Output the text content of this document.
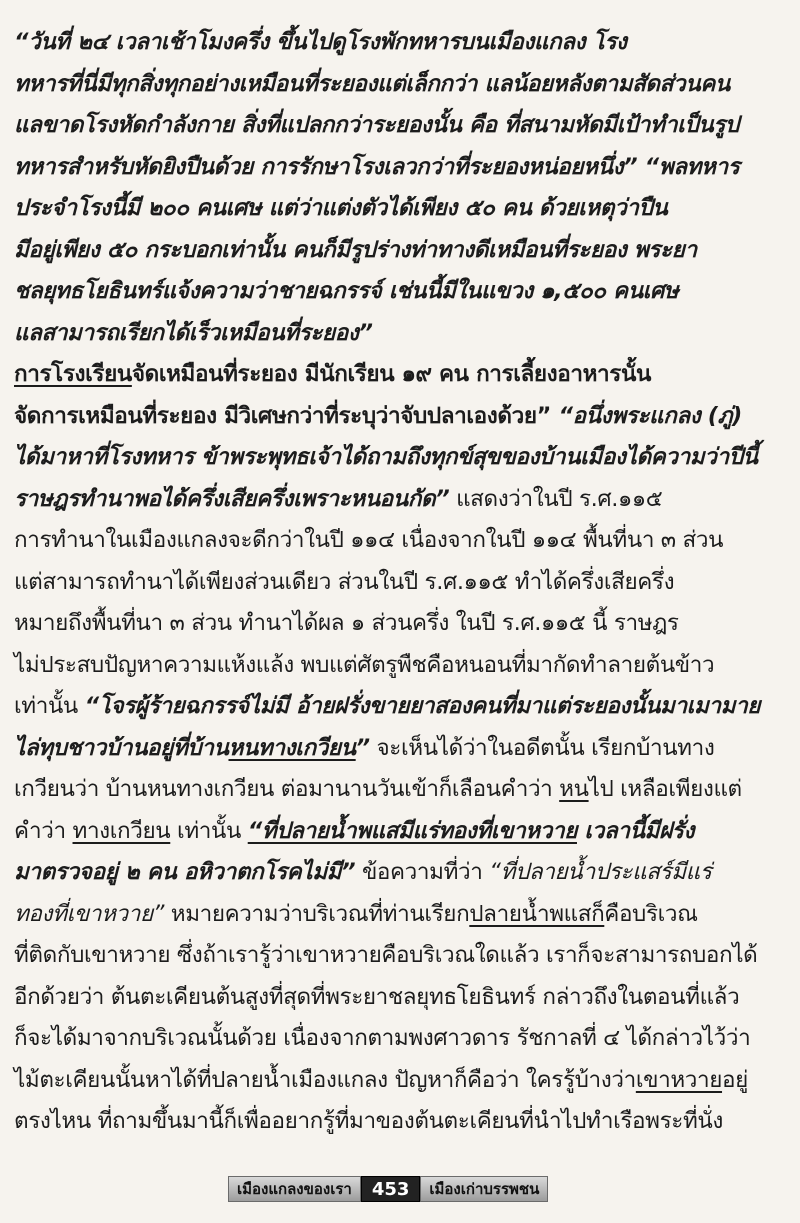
“วันที่ ๒๔ เวลาเช้าโมงครึ่ง ขึ้นไปดูโรงพักทหารบนเมืองแกลง โรง
ทหารที่นี่มีทุกสิ่งทุกอย่างเหมือนที่ระยองแต่เล็กกว่า แลน้อยหลังตามสัดส่วนคน
แลขาดโรงหัดกำลังกาย สิ่งที่แปลกกว่าระยองนั้น คือ ที่สนามหัดมีเป้าทำเป็นรูป
ทหารสำหรับหัดยิงปืนด้วย การรักษาโรงเลวกว่าที่ระยองหน่อยหนึ่ง” “พลทหาร
ประจำโรงนี้มี ๒๐๐ คนเศษ แต่ว่าแต่งตัวได้เพียง ๕๐ คน ด้วยเหตุว่าปืน
มีอยู่เพียง ๕๐ กระบอกเท่านั้น คนก็มีรูปร่างท่าทางดีเหมือนที่ระยอง พระยา
ชลยุทธโยธินทร์แจ้งความว่าชายฉกรรจ์ เช่นนี้มีในแขวง ๑,๕๐๐ คนเศษ
แลสามารถเรียกได้เร็วเหมือนที่ระยอง”
การโรงเรียนจัดเหมือนที่ระยอง มีนักเรียน ๑๙ คน การเลี้ยงอาหารนั้น
จัดการเหมือนที่ระยอง มีวิเศษกว่าที่ระบุว่าจับปลาเองด้วย” “อนึ่งพระแกลง (ภู่)
ได้มาหาที่โรงทหาร ข้าพระพุทธเจ้าได้ถามถึงทุกข์สุขของบ้านเมืองได้ความว่าปีนี้
ราษฎรทำนาพอได้ครึ่งเสียครึ่งเพราะหนอนกัด” แสดงว่าในปี ร.ศ.๑๑๕
การทำนาในเมืองแกลงจะดีกว่าในปี ๑๑๔ เนื่องจากในปี ๑๑๔ พื้นที่นา ๓ ส่วน
แต่สามารถทำนาได้เพียงส่วนเดียว ส่วนในปี ร.ศ.๑๑๕ ทำได้ครึ่งเสียครึ่ง
หมายถึงพื้นที่นา ๓ ส่วน ทำนาได้ผล ๑ ส่วนครึ่ง ในปี ร.ศ.๑๑๕ นี้ ราษฎร
ไม่ประสบปัญหาความแห้งแล้ง พบแต่ศัตรูพืชคือหนอนที่มากัดทำลายต้นข้าว
เท่านั้น “โจรผู้ร้ายฉกรรจ์ไม่มี อ้ายฝรั่งขายยาสองคนที่มาแต่ระยองนั้นมาเมามาย
ไล่ทุบชาวบ้านอยู่ที่บ้านหนทางเกวียน” จะเห็นได้ว่าในอดีตนั้น เรียกบ้านทาง
เกวียนว่า บ้านหนทางเกวียน ต่อมานานวันเข้าก็เลือนคำว่า หนไป เหลือเพียงแต่
คำว่า ทางเกวียน เท่านั้น “ที่ปลายน้ำพแสมีแร่ทองที่เขาหวาย เวลานี้มีฝรั่ง
มาตรวจอยู่ ๒ คน อหิวาตกโรคไม่มี” ข้อความที่ว่า “ที่ปลายน้ำประแสร์มีแร่
ทองที่เขาหวาย” หมายความว่าบริเวณที่ท่านเรียกปลายน้ำพแสก็คือบริเวณ
ที่ติดกับเขาหวาย ซึ่งถ้าเรารู้ว่าเขาหวายคือบริเวณใดแล้ว เราก็จะสามารถบอกได้
อีกด้วยว่า ต้นตะเคียนต้นสูงที่สุดที่พระยาชลยุทธโยธินทร์ กล่าวถึงในตอนที่แล้ว
ก็จะได้มาจากบริเวณนั้นด้วย เนื่องจากตามพงศาวดาร รัชกาลที่ ๔ ได้กล่าวไว้ว่า
ไม้ตะเคียนนั้นหาได้ที่ปลายน้ำเมืองแกลง ปัญหาก็คือว่า ใครรู้บ้างว่าเขาหวายอยู่
ตรงไหน ที่ถามขึ้นมานี้ก็เพื่ออยากรู้ที่มาของต้นตะเคียนที่นำไปทำเรือพระที่นั่ง
เมืองแกลงของเรา	453	เมืองเก่าบรรพชน
